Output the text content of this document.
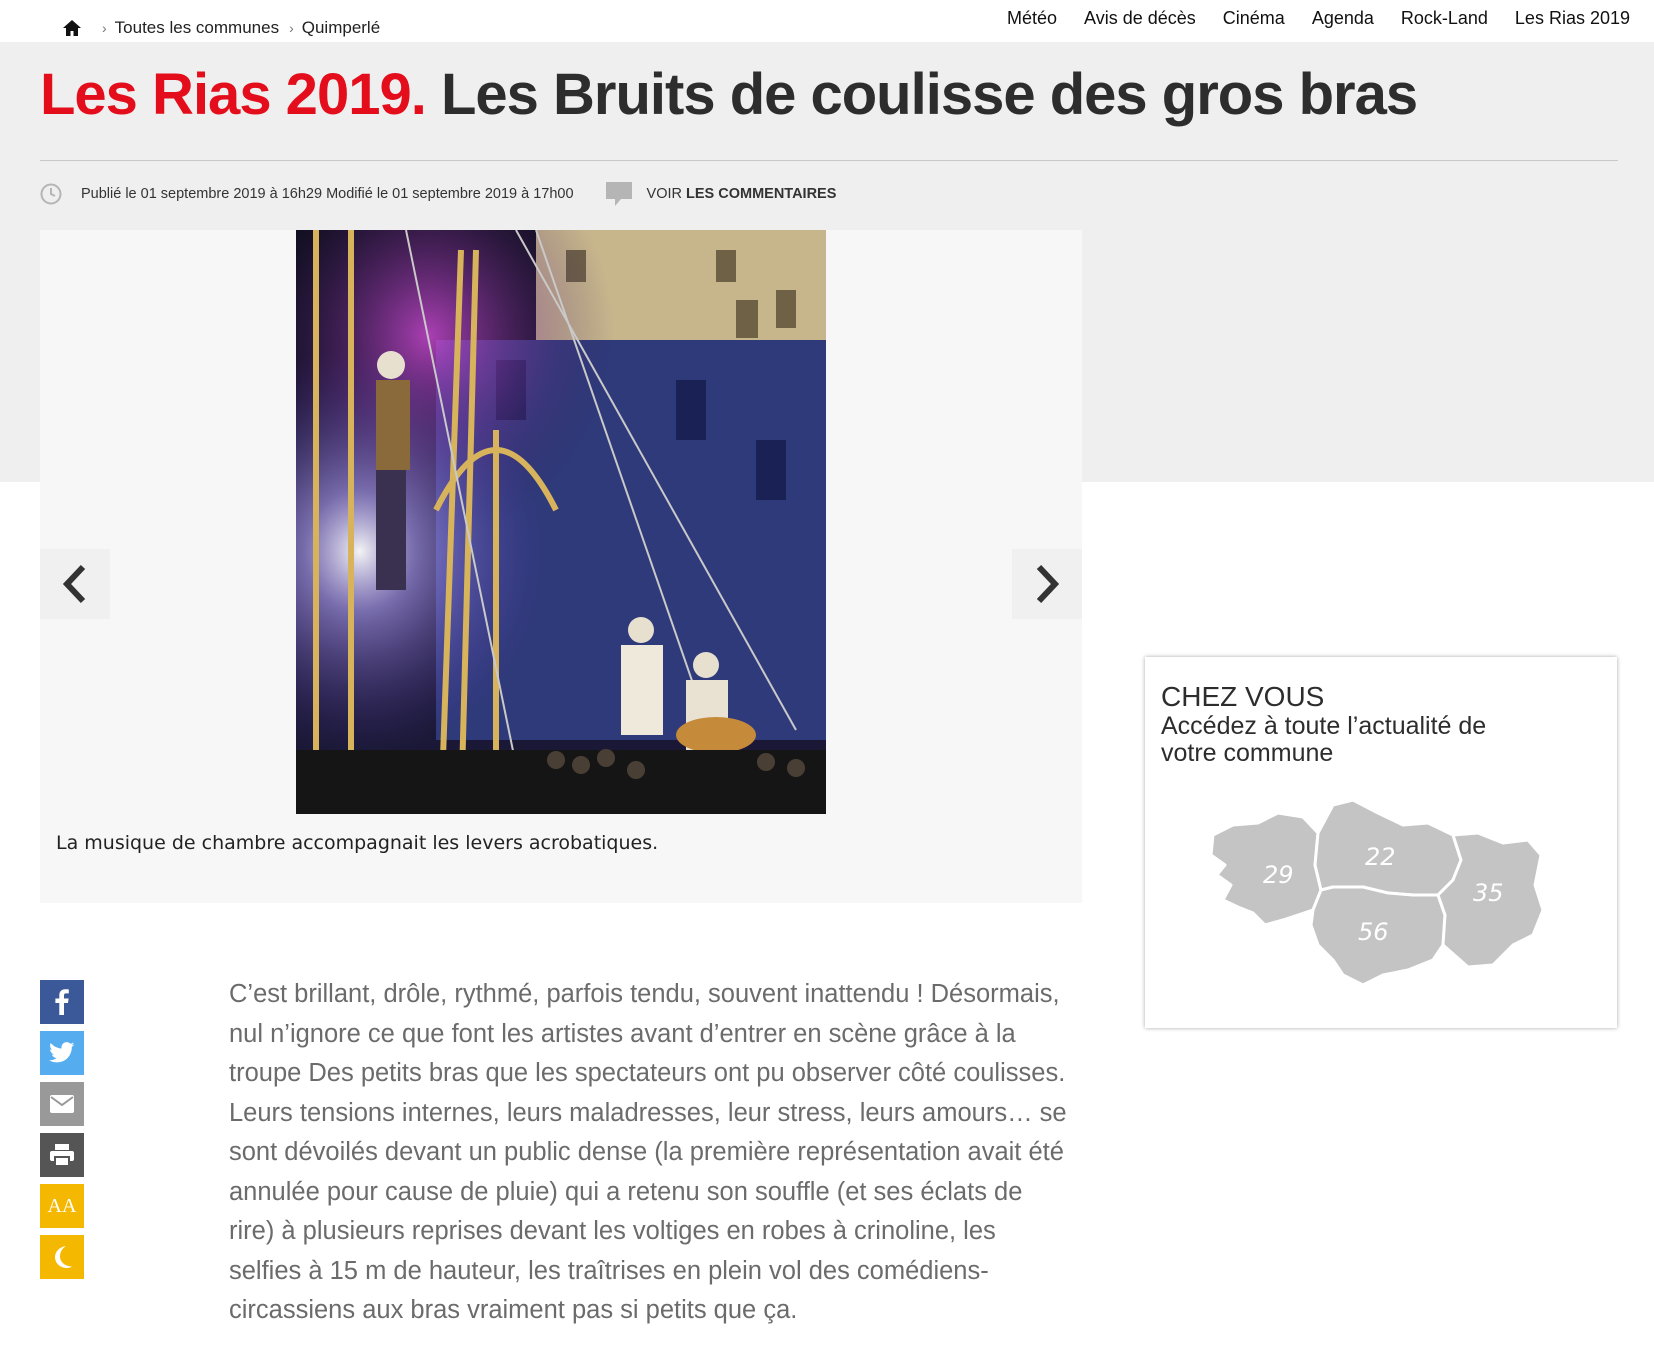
› Toutes les communes › Quimperlé	Météo Avis de décès Cinéma Agenda Rock-Land Les Rias 2019
Les Rias 2019. Les Bruits de coulisse des gros bras
Publié le 01 septembre 2019 à 16h29 Modifié le 01 septembre 2019 à 17h00	VOIR LES COMMENTAIRES
La musique de chambre accompagnait les levers acrobatiques.
AA

C’est brillant, drôle, rythmé, parfois tendu, souvent inattendu ! Désormais, nul n’ignore ce que font les artistes avant d’entrer en scène grâce à la troupe Des petits bras que les spectateurs ont pu observer côté coulisses. Leurs tensions internes, leurs maladresses, leur stress, leurs amours… se sont dévoilés devant un public dense (la première représentation avait été annulée pour cause de pluie) qui a retenu son souffle (et ses éclats de rire) à plusieurs reprises devant les voltiges en robes à crinoline, les selfies à 15 m de hauteur, les traîtrises en plein vol des comédiens-circassiens aux bras vraiment pas si petits que ça.

CHEZ VOUS
Accédez à toute l’actualité de votre commune
29
22
56
35
